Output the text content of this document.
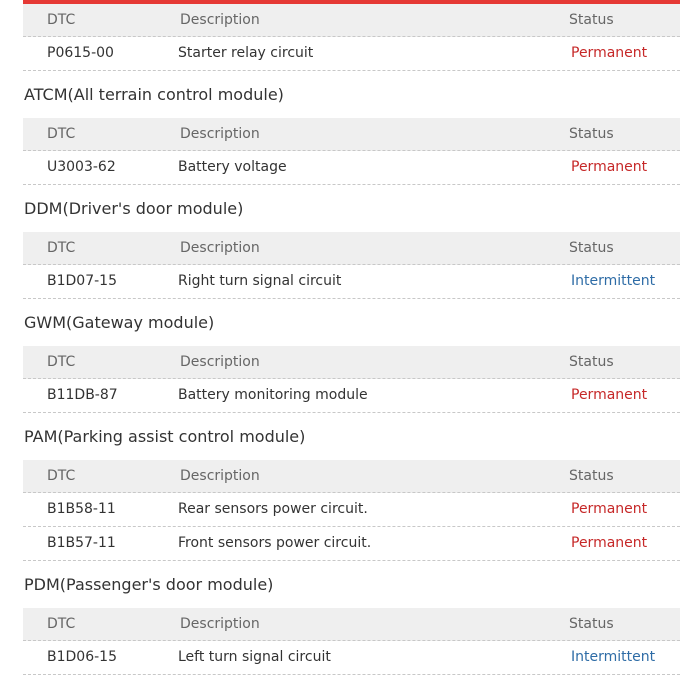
DTC	Description	Status
P0615-00	Starter relay circuit	Permanent
ATCM(All terrain control module)
DTC	Description	Status
U3003-62	Battery voltage	Permanent
DDM(Driver's door module)
DTC	Description	Status
B1D07-15	Right turn signal circuit	Intermittent
GWM(Gateway module)
DTC	Description	Status
B11DB-87	Battery monitoring module	Permanent
PAM(Parking assist control module)
DTC	Description	Status
B1B58-11	Rear sensors power circuit.	Permanent
B1B57-11	Front sensors power circuit.	Permanent
PDM(Passenger's door module)
DTC	Description	Status
B1D06-15	Left turn signal circuit	Intermittent
